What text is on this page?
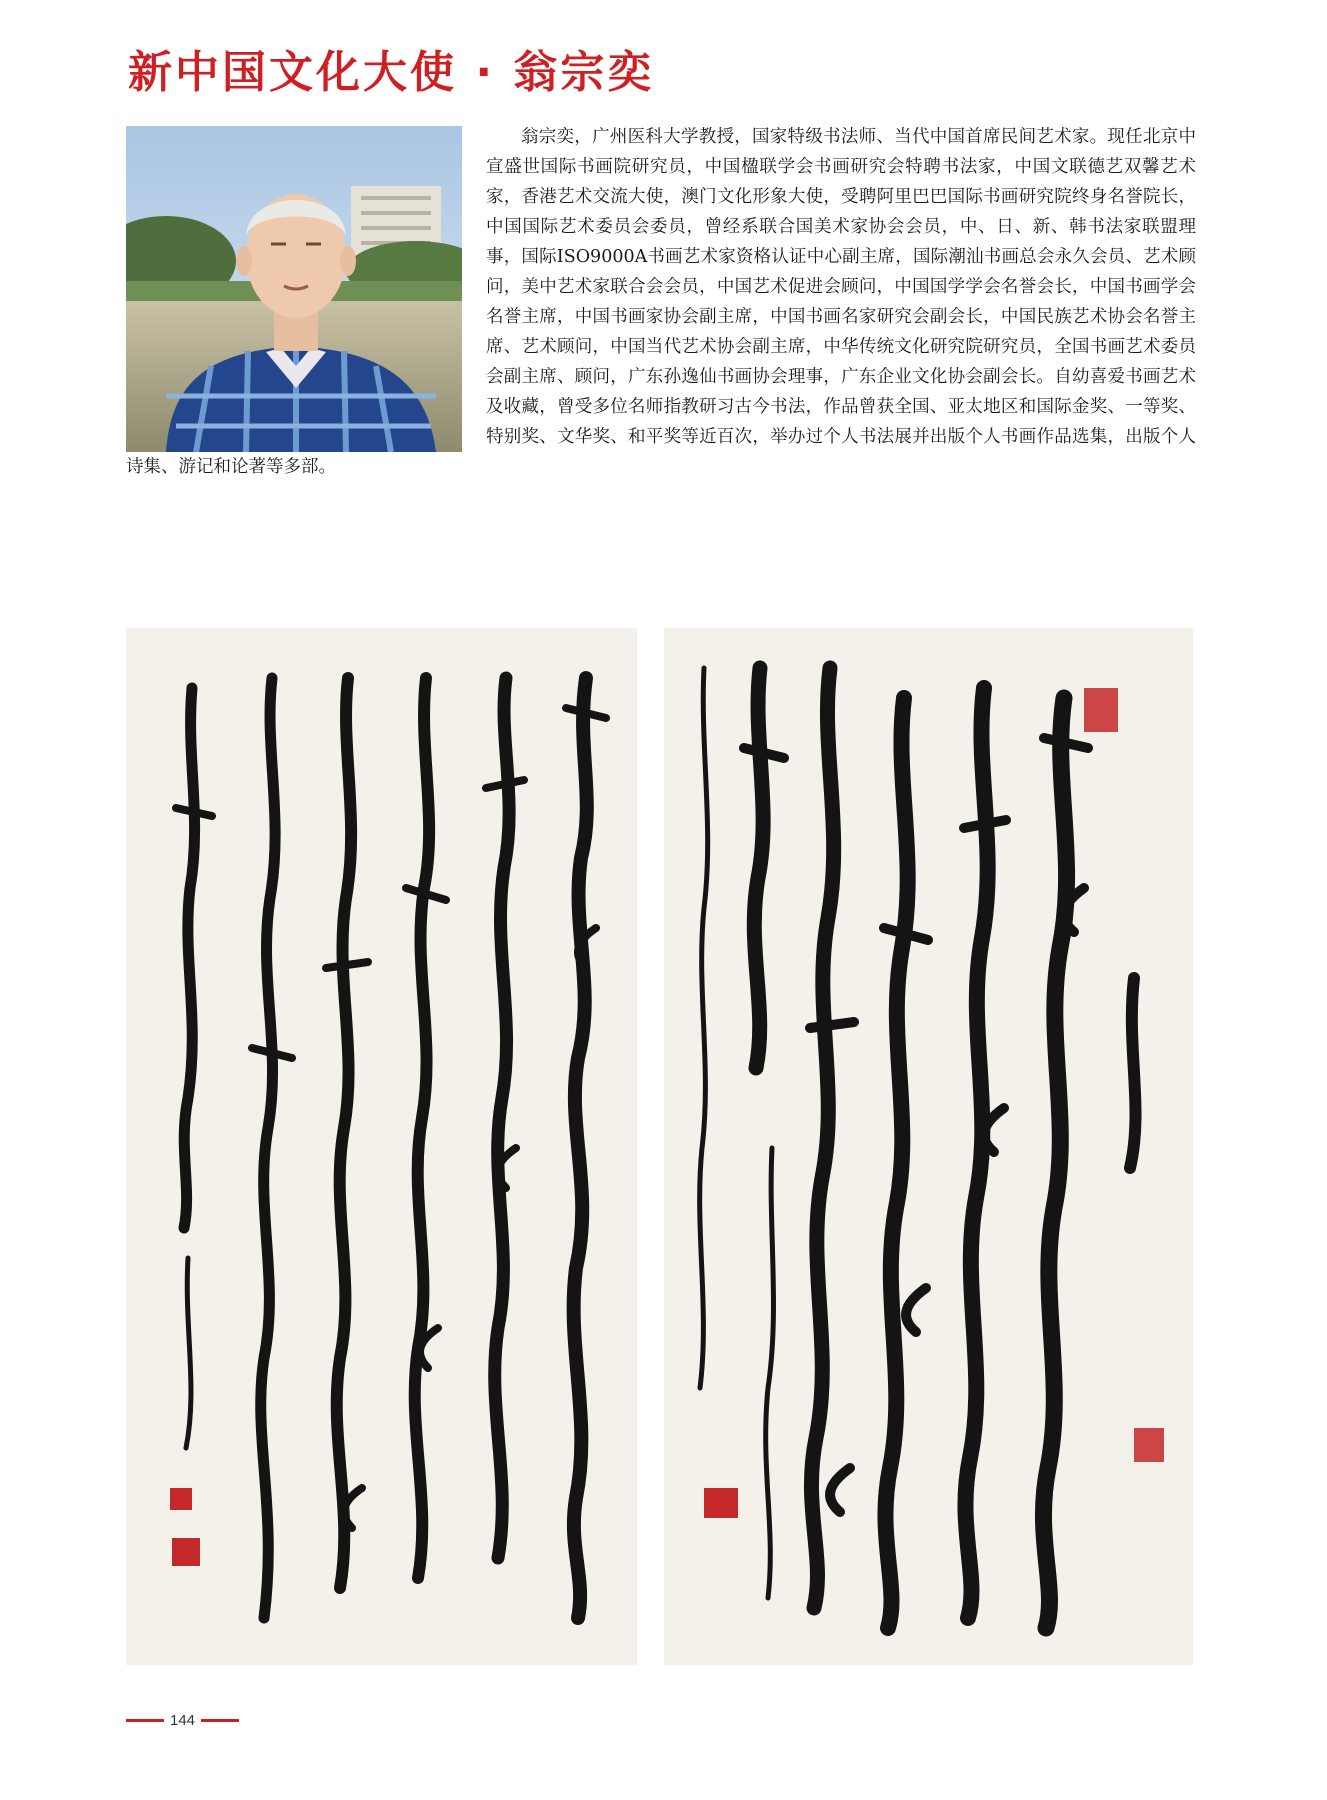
新中国文化大使 · 翁宗奕

翁宗奕，广州医科大学教授，国家特级书法师、当代中国首席民间艺术家。现任北京中宣盛世国际书画院研究员，中国楹联学会书画研究会特聘书法家，中国文联德艺双馨艺术家，香港艺术交流大使，澳门文化形象大使，受聘阿里巴巴国际书画研究院终身名誉院长，中国国际艺术委员会委员，曾经系联合国美术家协会会员，中、日、新、韩书法家联盟理事，国际ISO9000A书画艺术家资格认证中心副主席，国际潮汕书画总会永久会员、艺术顾问，美中艺术家联合会会员，中国艺术促进会顾问，中国国学学会名誉会长，中国书画学会名誉主席，中国书画家协会副主席，中国书画名家研究会副会长，中国民族艺术协会名誉主席、艺术顾问，中国当代艺术协会副主席，中华传统文化研究院研究员，全国书画艺术委员会副主席、顾问，广东孙逸仙书画协会理事，广东企业文化协会副会长。自幼喜爱书画艺术及收藏，曾受多位名师指教研习古今书法，作品曾获全国、亚太地区和国际金奖、一等奖、特别奖、文华奖、和平奖等近百次，举办过个人书法展并出版个人书画作品选集，出版个人诗集、游记和论著等多部。

144
